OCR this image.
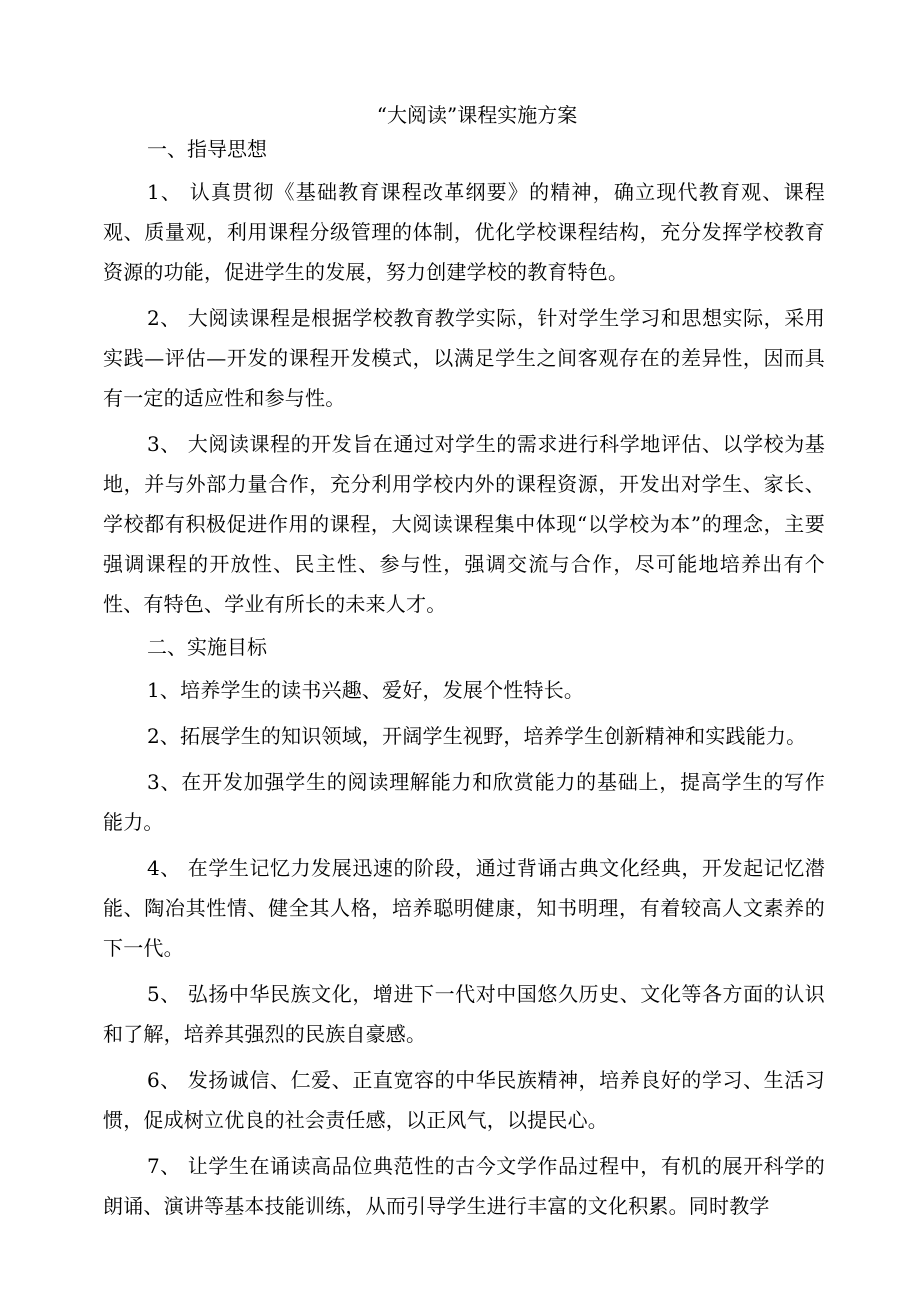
“大阅读”课程实施方案

一、指导思想

1、 认真贯彻《基础教育课程改革纲要》的精神，确立现代教育观、课程观、质量观，利用课程分级管理的体制，优化学校课程结构，充分发挥学校教育资源的功能，促进学生的发展，努力创建学校的教育特色。

2、 大阅读课程是根据学校教育教学实际，针对学生学习和思想实际，采用实践—评估—开发的课程开发模式，以满足学生之间客观存在的差异性，因而具有一定的适应性和参与性。

3、 大阅读课程的开发旨在通过对学生的需求进行科学地评估、以学校为基地，并与外部力量合作，充分利用学校内外的课程资源，开发出对学生、家长、学校都有积极促进作用的课程，大阅读课程集中体现“以学校为本”的理念，主要强调课程的开放性、民主性、参与性，强调交流与合作，尽可能地培养出有个性、有特色、学业有所长的未来人才。

二、实施目标

1、培养学生的读书兴趣、爱好，发展个性特长。

2、拓展学生的知识领域，开阔学生视野，培养学生创新精神和实践能力。

3、在开发加强学生的阅读理解能力和欣赏能力的基础上，提高学生的写作能力。

4、 在学生记忆力发展迅速的阶段，通过背诵古典文化经典，开发起记忆潜能、陶冶其性情、健全其人格，培养聪明健康，知书明理，有着较高人文素养的下一代。

5、 弘扬中华民族文化，增进下一代对中国悠久历史、文化等各方面的认识和了解，培养其强烈的民族自豪感。

6、 发扬诚信、仁爱、正直宽容的中华民族精神，培养良好的学习、生活习惯，促成树立优良的社会责任感，以正风气，以提民心。

7、 让学生在诵读高品位典范性的古今文学作品过程中，有机的展开科学的朗诵、演讲等基本技能训练，从而引导学生进行丰富的文化积累。同时教学
